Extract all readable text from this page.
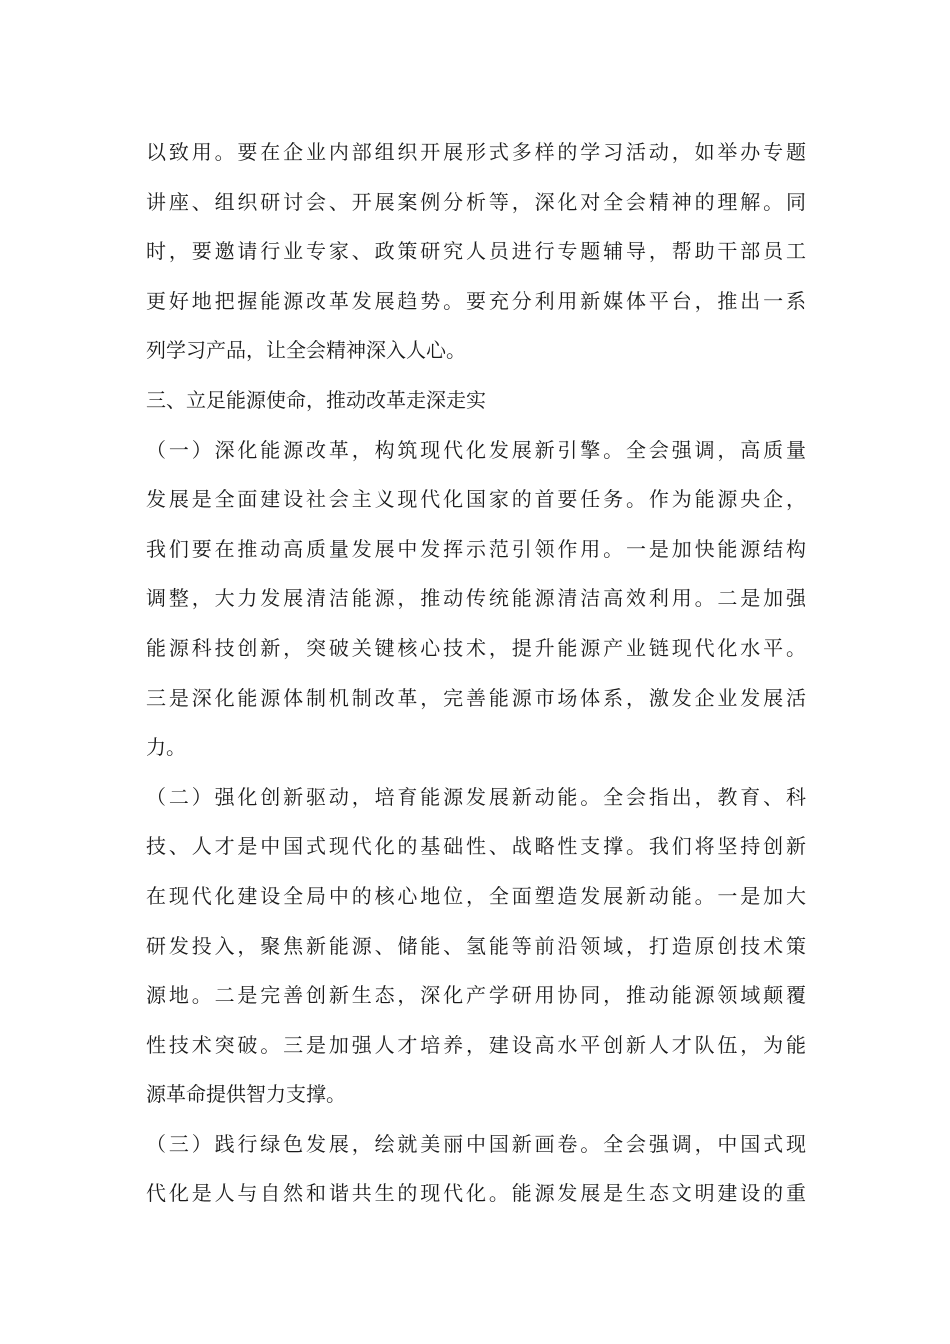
以致用。要在企业内部组织开展形式多样的学习活动，如举办专题
讲座、组织研讨会、开展案例分析等，深化对全会精神的理解。同
时，要邀请行业专家、政策研究人员进行专题辅导，帮助干部员工
更好地把握能源改革发展趋势。要充分利用新媒体平台，推出一系
列学习产品，让全会精神深入人心。
三、立足能源使命，推动改革走深走实
（一）深化能源改革，构筑现代化发展新引擎。全会强调，高质量
发展是全面建设社会主义现代化国家的首要任务。作为能源央企，
我们要在推动高质量发展中发挥示范引领作用。一是加快能源结构
调整，大力发展清洁能源，推动传统能源清洁高效利用。二是加强
能源科技创新，突破关键核心技术，提升能源产业链现代化水平。
三是深化能源体制机制改革，完善能源市场体系，激发企业发展活
力。
（二）强化创新驱动，培育能源发展新动能。全会指出，教育、科
技、人才是中国式现代化的基础性、战略性支撑。我们将坚持创新
在现代化建设全局中的核心地位，全面塑造发展新动能。一是加大
研发投入，聚焦新能源、储能、氢能等前沿领域，打造原创技术策
源地。二是完善创新生态，深化产学研用协同，推动能源领域颠覆
性技术突破。三是加强人才培养，建设高水平创新人才队伍，为能
源革命提供智力支撑。
（三）践行绿色发展，绘就美丽中国新画卷。全会强调，中国式现
代化是人与自然和谐共生的现代化。能源发展是生态文明建设的重
